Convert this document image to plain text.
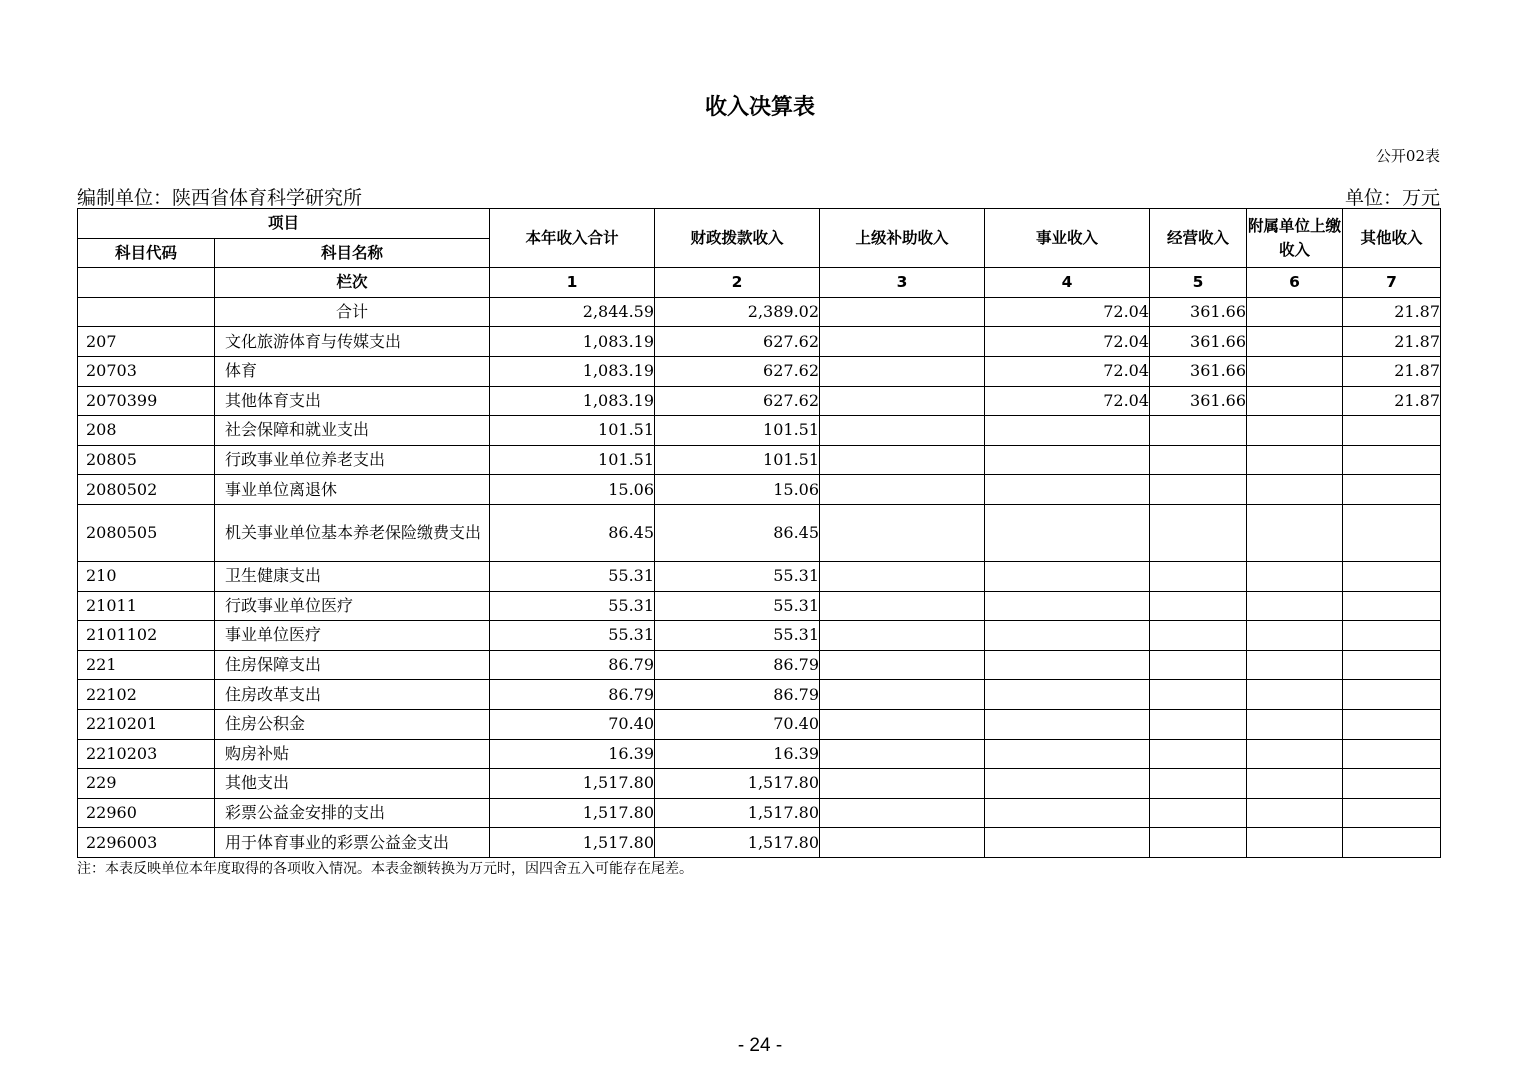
收入决算表
公开02表
编制单位：陕西省体育科学研究所	单位：万元
项目		本年收入合计	财政拨款收入	上级补助收入	事业收入	经营收入	附属单位上缴收入	其他收入
科目代码	科目名称							
	栏次	1	2	3	4	5	6	7
	合计	2,844.59	2,389.02		72.04	361.66		21.87
207	文化旅游体育与传媒支出	1,083.19	627.62		72.04	361.66		21.87
20703	体育	1,083.19	627.62		72.04	361.66		21.87
2070399	其他体育支出	1,083.19	627.62		72.04	361.66		21.87
208	社会保障和就业支出	101.51	101.51					
20805	行政事业单位养老支出	101.51	101.51					
2080502	事业单位离退休	15.06	15.06					
2080505	机关事业单位基本养老保险缴费支出	86.45	86.45					
210	卫生健康支出	55.31	55.31					
21011	行政事业单位医疗	55.31	55.31					
2101102	事业单位医疗	55.31	55.31					
221	住房保障支出	86.79	86.79					
22102	住房改革支出	86.79	86.79					
2210201	住房公积金	70.40	70.40					
2210203	购房补贴	16.39	16.39					
229	其他支出	1,517.80	1,517.80					
22960	彩票公益金安排的支出	1,517.80	1,517.80					
2296003	用于体育事业的彩票公益金支出	1,517.80	1,517.80					
注：本表反映单位本年度取得的各项收入情况。本表金额转换为万元时，因四舍五入可能存在尾差。
- 24 -
